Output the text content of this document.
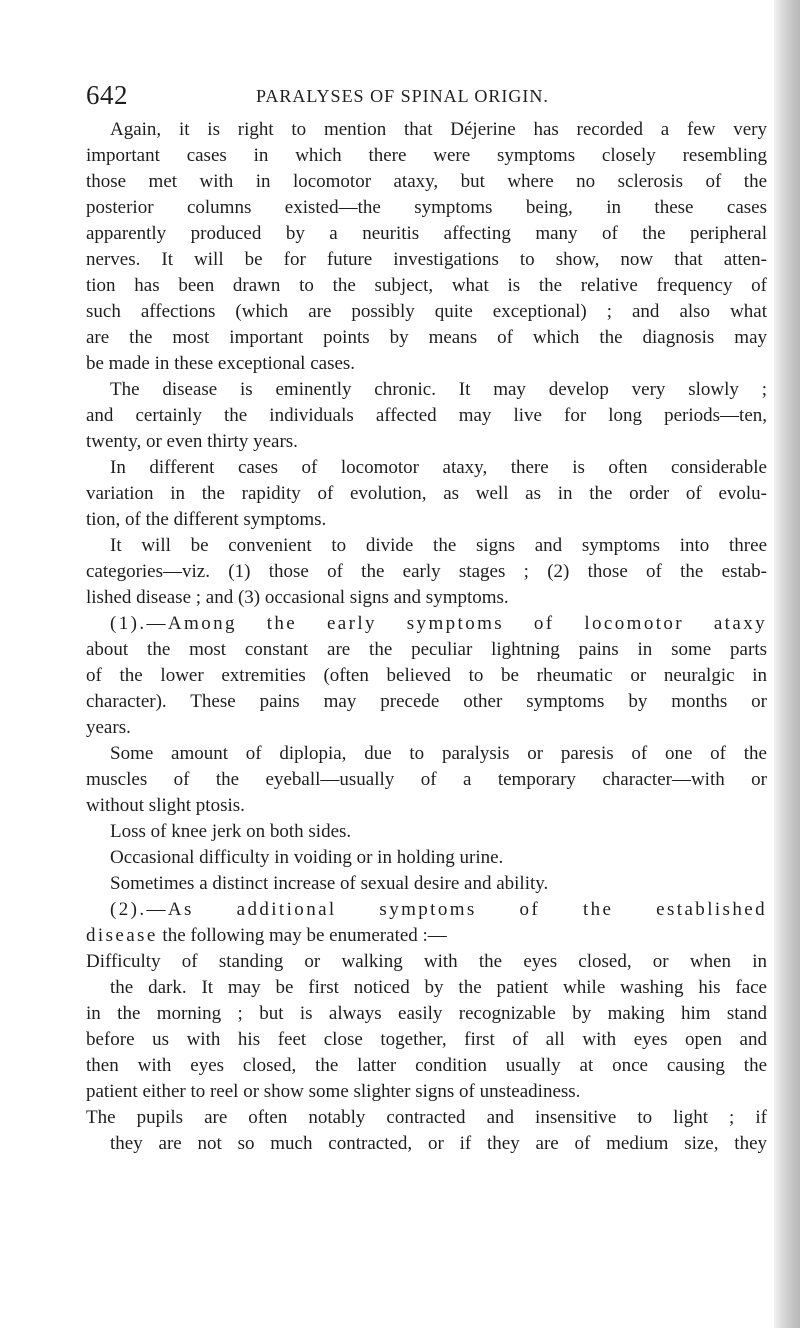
642	PARALYSES OF SPINAL ORIGIN.
Again, it is right to mention that Déjerine has recorded a few very
important cases in which there were symptoms closely resembling
those met with in locomotor ataxy, but where no sclerosis of the
posterior columns existed—the symptoms being, in these cases
apparently produced by a neuritis affecting many of the peripheral
nerves. It will be for future investigations to show, now that atten-
tion has been drawn to the subject, what is the relative frequency of
such affections (which are possibly quite exceptional) ; and also what
are the most important points by means of which the diagnosis may
be made in these exceptional cases.
The disease is eminently chronic. It may develop very slowly ;
and certainly the individuals affected may live for long periods—ten,
twenty, or even thirty years.
In different cases of locomotor ataxy, there is often considerable
variation in the rapidity of evolution, as well as in the order of evolu-
tion, of the different symptoms.
It will be convenient to divide the signs and symptoms into three
categories—viz. (1) those of the early stages ; (2) those of the estab-
lished disease ; and (3) occasional signs and symptoms.
(1).—Among the early symptoms of locomotor ataxy
about the most constant are the peculiar lightning pains in some parts
of the lower extremities (often believed to be rheumatic or neuralgic in
character). These pains may precede other symptoms by months or
years.
Some amount of diplopia, due to paralysis or paresis of one of the
muscles of the eyeball—usually of a temporary character—with or
without slight ptosis.
Loss of knee jerk on both sides.
Occasional difficulty in voiding or in holding urine.
Sometimes a distinct increase of sexual desire and ability.
(2).—As additional symptoms of the established
disease the following may be enumerated :—
Difficulty of standing or walking with the eyes closed, or when in
the dark. It may be first noticed by the patient while washing his face
in the morning ; but is always easily recognizable by making him stand
before us with his feet close together, first of all with eyes open and
then with eyes closed, the latter condition usually at once causing the
patient either to reel or show some slighter signs of unsteadiness.
The pupils are often notably contracted and insensitive to light ; if
they are not so much contracted, or if they are of medium size, they
